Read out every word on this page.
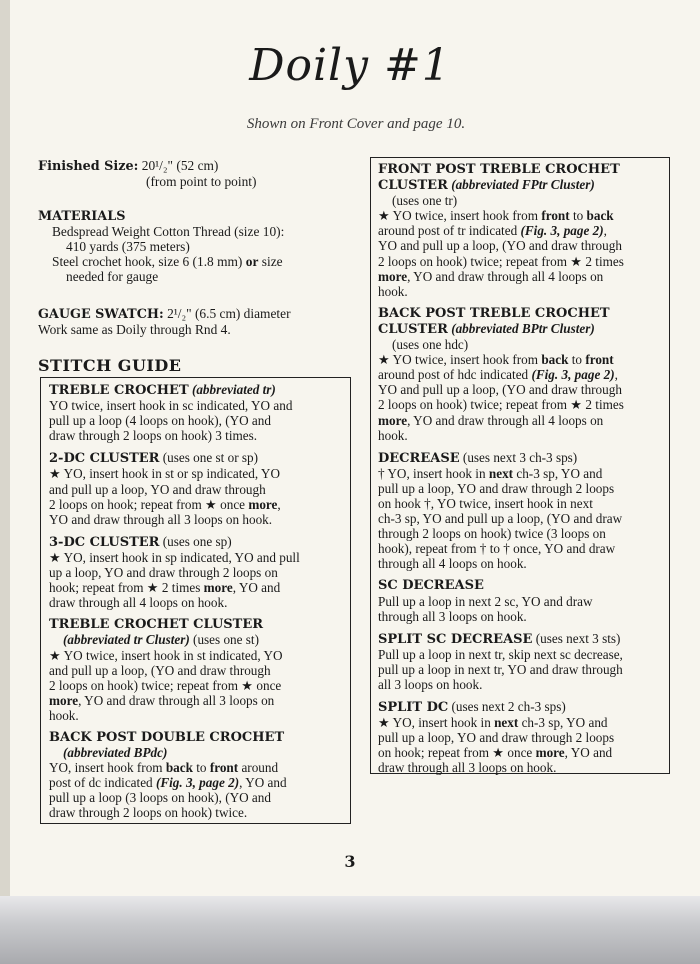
Doily #1
Shown on Front Cover and page 10.
Finished Size: 20¹/₂" (52 cm)
(from point to point)
MATERIALS
Bedspread Weight Cotton Thread (size 10):
410 yards (375 meters)
Steel crochet hook, size 6 (1.8 mm) or size
needed for gauge
GAUGE SWATCH: 2¹/₂" (6.5 cm) diameter
Work same as Doily through Rnd 4.
STITCH GUIDE
TREBLE CROCHET (abbreviated tr)
YO twice, insert hook in sc indicated, YO and
pull up a loop (4 loops on hook), (YO and
draw through 2 loops on hook) 3 times.
2-DC CLUSTER (uses one st or sp)
★ YO, insert hook in st or sp indicated, YO
and pull up a loop, YO and draw through
2 loops on hook; repeat from ★ once more,
YO and draw through all 3 loops on hook.
3-DC CLUSTER (uses one sp)
★ YO, insert hook in sp indicated, YO and pull
up a loop, YO and draw through 2 loops on
hook; repeat from ★ 2 times more, YO and
draw through all 4 loops on hook.
TREBLE CROCHET CLUSTER
(abbreviated tr Cluster) (uses one st)
★ YO twice, insert hook in st indicated, YO
and pull up a loop, (YO and draw through
2 loops on hook) twice; repeat from ★ once
more, YO and draw through all 3 loops on
hook.
BACK POST DOUBLE CROCHET
(abbreviated BPdc)
YO, insert hook from back to front around
post of dc indicated (Fig. 3, page 2), YO and
pull up a loop (3 loops on hook), (YO and
draw through 2 loops on hook) twice.
FRONT POST TREBLE CROCHET
CLUSTER (abbreviated FPtr Cluster)
(uses one tr)
★ YO twice, insert hook from front to back
around post of tr indicated (Fig. 3, page 2),
YO and pull up a loop, (YO and draw through
2 loops on hook) twice; repeat from ★ 2 times
more, YO and draw through all 4 loops on
hook.
BACK POST TREBLE CROCHET
CLUSTER (abbreviated BPtr Cluster)
(uses one hdc)
★ YO twice, insert hook from back to front
around post of hdc indicated (Fig. 3, page 2),
YO and pull up a loop, (YO and draw through
2 loops on hook) twice; repeat from ★ 2 times
more, YO and draw through all 4 loops on
hook.
DECREASE (uses next 3 ch-3 sps)
† YO, insert hook in next ch-3 sp, YO and
pull up a loop, YO and draw through 2 loops
on hook †, YO twice, insert hook in next
ch-3 sp, YO and pull up a loop, (YO and draw
through 2 loops on hook) twice (3 loops on
hook), repeat from † to † once, YO and draw
through all 4 loops on hook.
SC DECREASE
Pull up a loop in next 2 sc, YO and draw
through all 3 loops on hook.
SPLIT SC DECREASE (uses next 3 sts)
Pull up a loop in next tr, skip next sc decrease,
pull up a loop in next tr, YO and draw through
all 3 loops on hook.
SPLIT DC (uses next 2 ch-3 sps)
★ YO, insert hook in next ch-3 sp, YO and
pull up a loop, YO and draw through 2 loops
on hook; repeat from ★ once more, YO and
draw through all 3 loops on hook.
3
